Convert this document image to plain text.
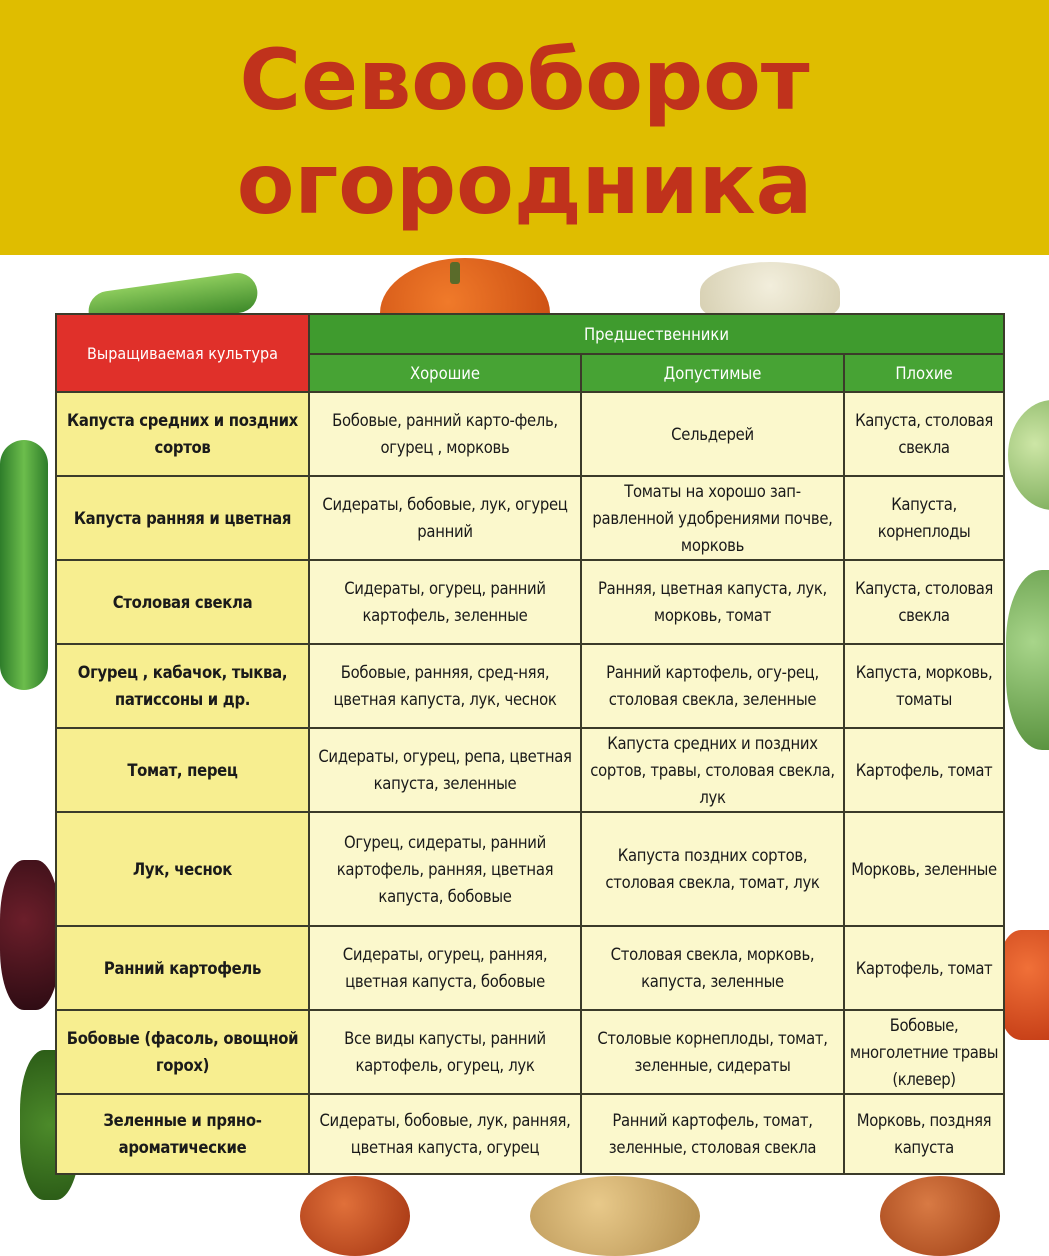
Севооборот
огородника
Выращиваемая культура	Предшественники		
	Хорошие	Допустимые	Плохие
Капуста средних и поздних сортов	Бобовые, ранний карто-фель, огурец , морковь	Сельдерей	Капуста, столовая свекла
Капуста ранняя и цветная	Сидераты, бобовые, лук, огурец ранний	Томаты на хорошо зап-равленной удобрениями почве, морковь	Капуста, корнеплоды
Столовая свекла	Сидераты, огурец, ранний картофель, зеленные	Ранняя, цветная капуста, лук, морковь, томат	Капуста, столовая свекла
Огурец , кабачок, тыква, патиссоны и др.	Бобовые, ранняя, сред-няя, цветная капуста, лук, чеснок	Ранний картофель, огу-рец, столовая свекла, зеленные	Капуста, морковь, томаты
Томат, перец	Сидераты, огурец, репа, цветная капуста, зеленные	Капуста средних и поздних сортов, травы, столовая свекла, лук	Картофель, томат
Лук, чеснок	Огурец, сидераты, ранний картофель, ранняя, цветная капуста, бобовые	Капуста поздних сортов, столовая свекла, томат, лук	Морковь, зеленные
Ранний картофель	Сидераты, огурец, ранняя, цветная капуста, бобовые	Столовая свекла, морковь, капуста, зеленные	Картофель, томат
Бобовые (фасоль, овощной горох)	Все виды капусты, ранний картофель, огурец, лук	Столовые корнеплоды, томат, зеленные, сидераты	Бобовые, многолетние травы (клевер)
Зеленные и пряно-ароматические	Сидераты, бобовые, лук, ранняя, цветная капуста, огурец	Ранний картофель, томат, зеленные, столовая свекла	Морковь, поздняя капуста
